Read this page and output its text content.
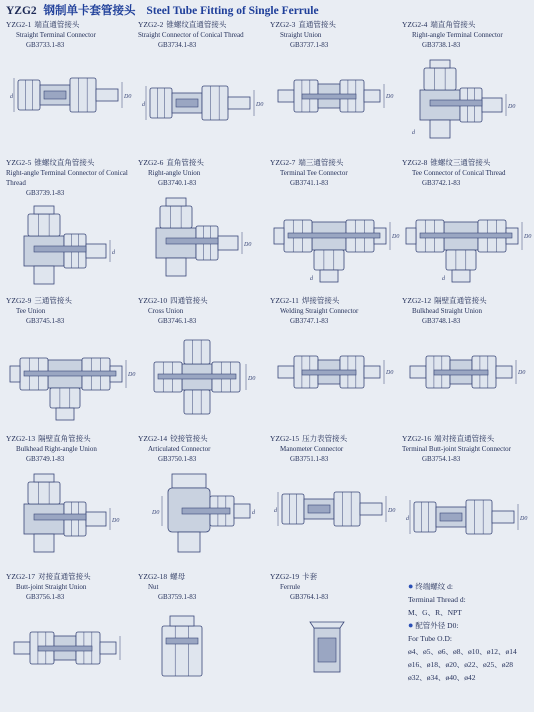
YZG2 钢制单卡套管接头 Steel Tube Fitting of Single Ferrule
YZG2-1 端直通管接头
Straight Terminal Connector
GB3733.1-83
d	D0
YZG2-2 锥螺纹直通管接头
Straight Connector of Conical Thread
GB3734.1-83
d	D0
YZG2-3 直通管接头
Straight Union
GB3737.1-83
D0
YZG2-4 端直角管接头
Right-angle Terminal Connector
GB3738.1-83
D0
d
YZG2-5 锥螺纹直角管接头
Right-angle Terminal Connector of Conical Thread
GB3739.1-83
d
YZG2-6 直角管接头
Right-angle Union
GB3740.1-83
D0
YZG2-7 端三通管接头
Terminal Tee Connector
GB3741.1-83
D0
d
YZG2-8 锥螺纹三通管接头
Tee Connector of Conical Thread
GB3742.1-83
D0
d
YZG2-9 三通管接头
Tee Union
GB3745.1-83
D0
YZG2-10 四通管接头
Cross Union
GB3746.1-83
D0
YZG2-11 焊接管接头
Welding Straight Connector
GB3747.1-83
D0
YZG2-12 隔壁直通管接头
Bulkhead Straight Union
GB3748.1-83
D0
YZG2-13 隔壁直角管接头
Bulkhead Right-angle Union
GB3749.1-83
D0
YZG2-14 铰接管接头
Articulated Connector
GB3750.1-83
D0	d
YZG2-15 压力表管接头
Manometer Connector
GB3751.1-83
d	D0
YZG2-16 端对接直通管接头
Terminal Butt-joint Straight Connector
GB3754.1-83
d	D0
YZG2-17 对接直通管接头
Butt-joint Straight Union
GB3756.1-83
YZG2-18 螺母
Nut
GB3759.1-83
YZG2-19 卡套
Ferrule
GB3764.1-83
● 终端螺纹 d:
Terminal Thread d:
M、G、R、NPT
● 配管外径 D0:
For Tube O.D:
ø4、ø5、ø6、ø8、ø10、ø12、ø14
ø16、ø18、ø20、ø22、ø25、ø28
ø32、ø34、ø40、ø42
